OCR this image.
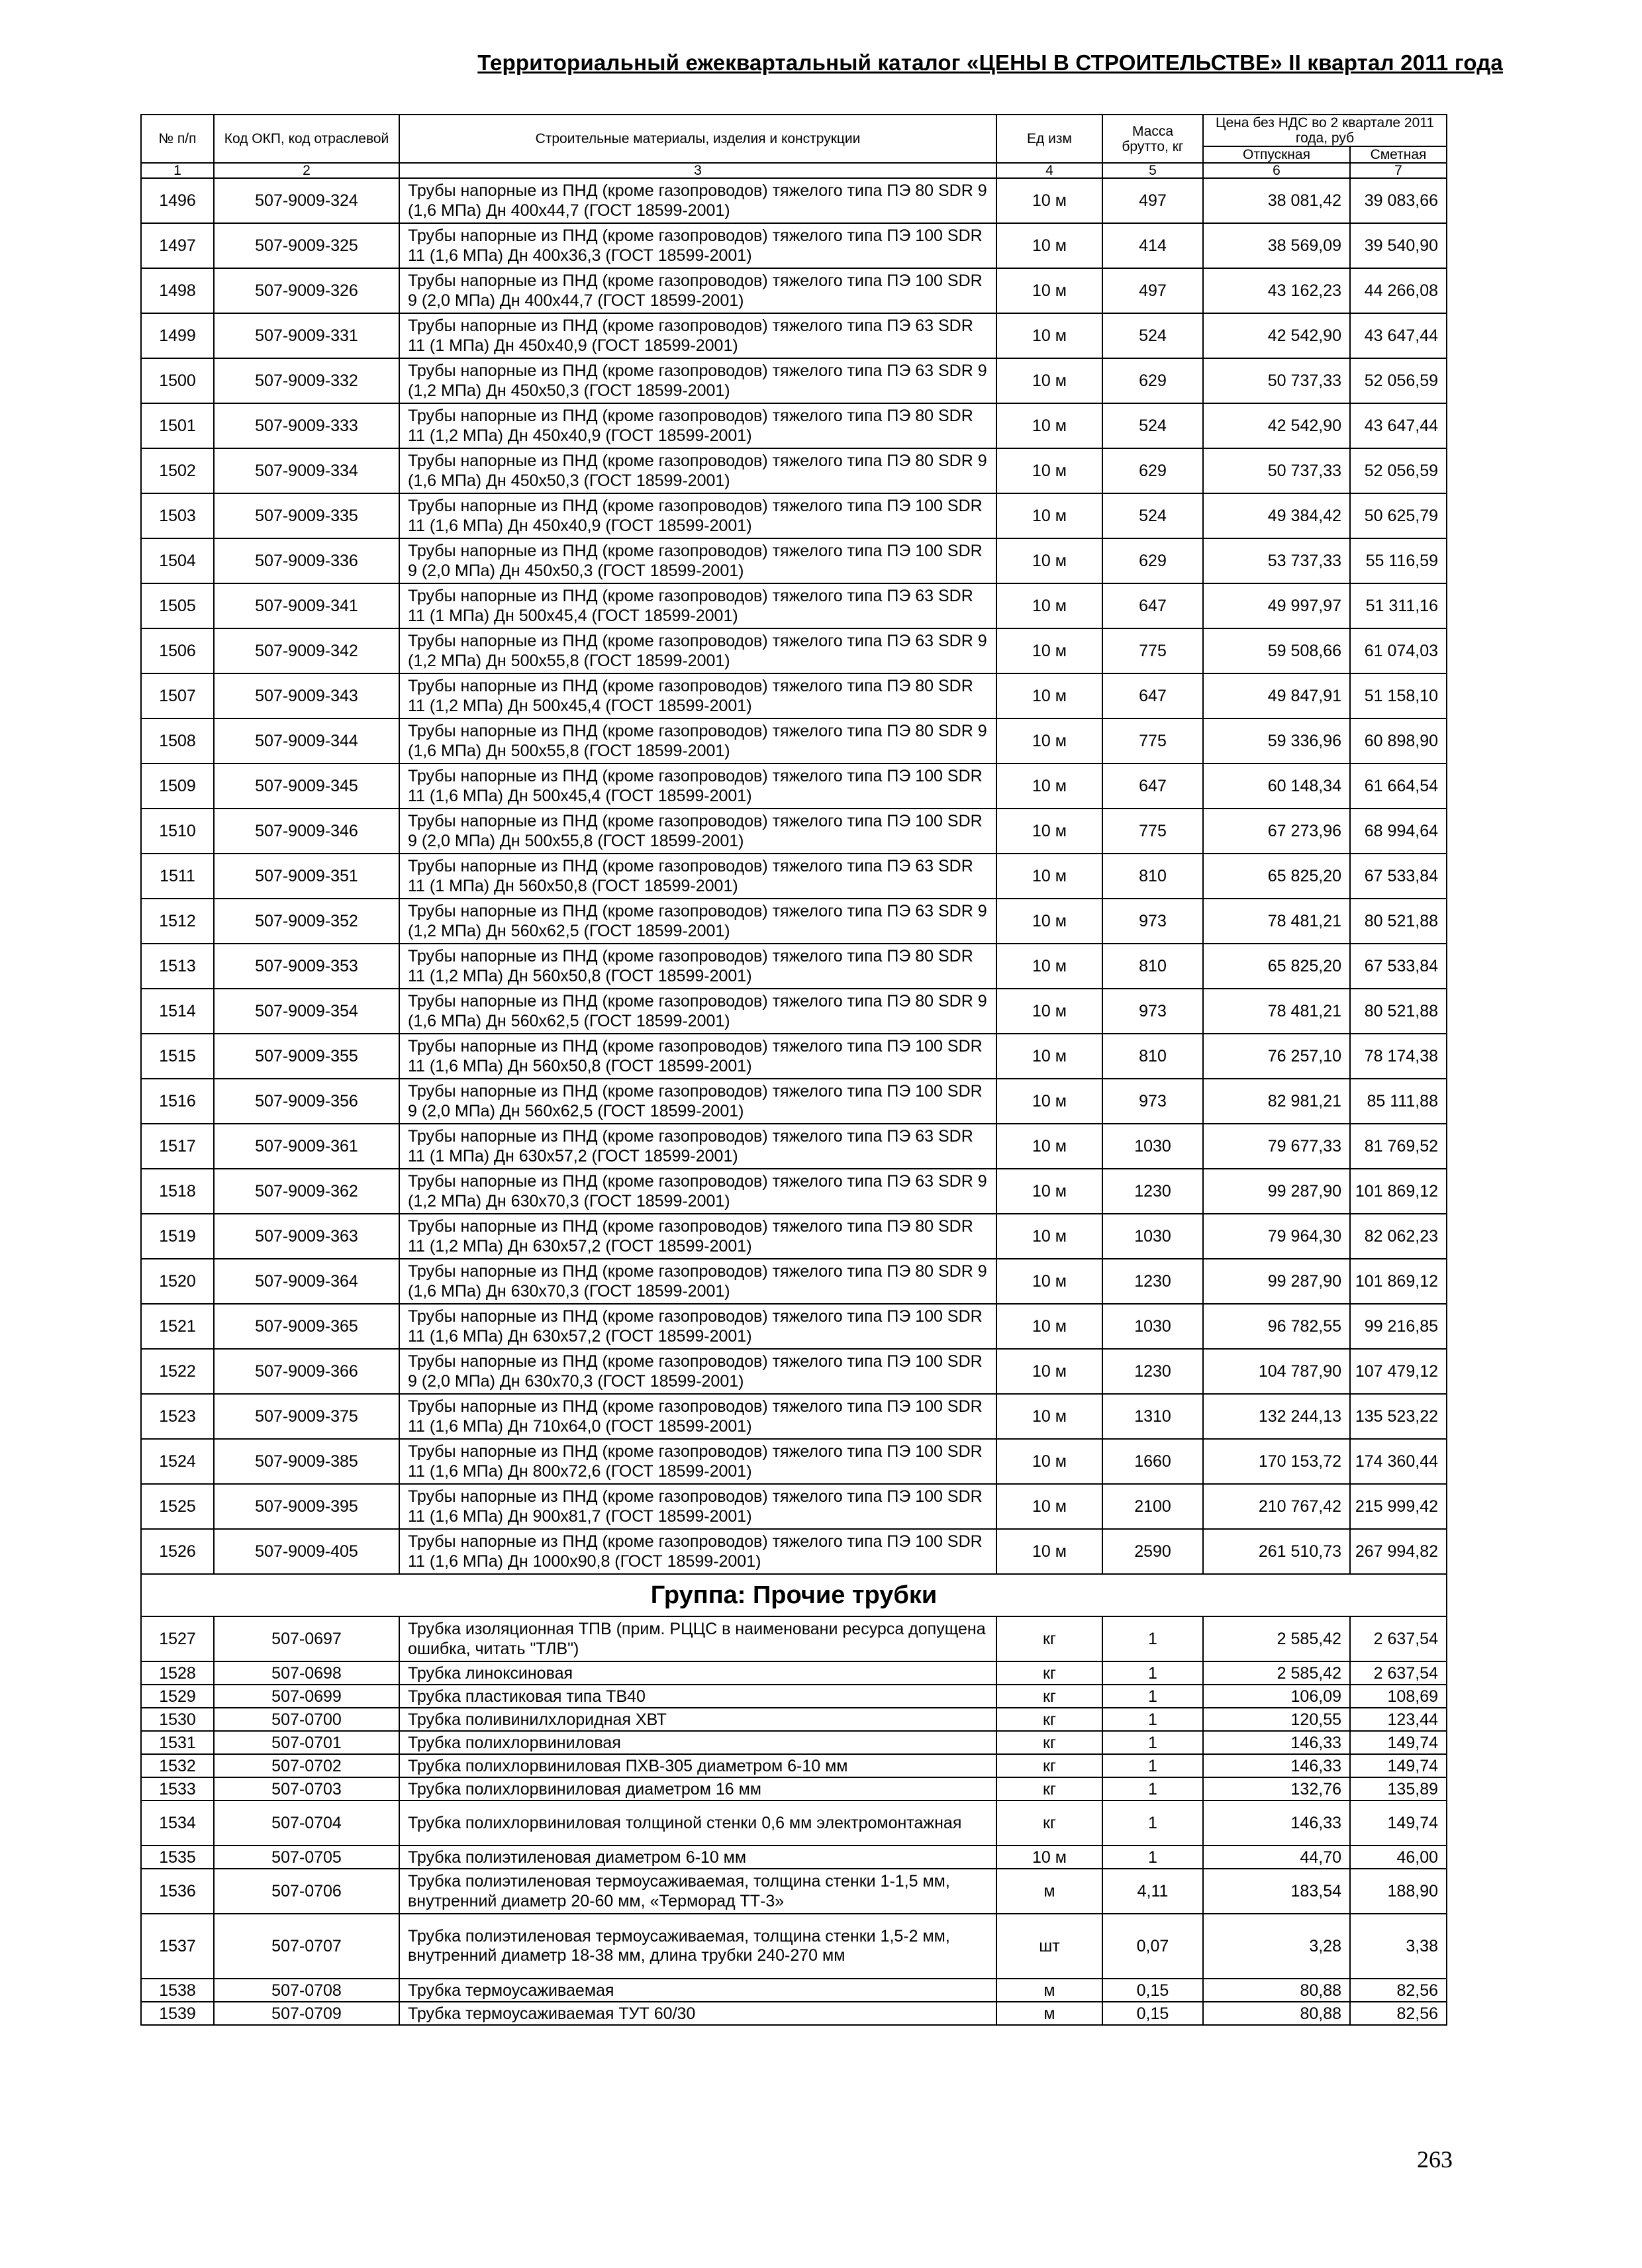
Территориальный ежеквартальный каталог «ЦЕНЫ В СТРОИТЕЛЬСТВЕ» II квартал 2011 года
№ п/п	Код ОКП, код отраслевой	Строительные материалы, изделия и конструкции	Ед изм	Масса брутто, кг	Цена без НДС во 2 квартале 2011 года, руб	
					Отпускная	Сметная
1	2	3	4	5	6	7
1496	507-9009-324	Трубы напорные из ПНД (кроме газопроводов) тяжелого типа ПЭ 80 SDR 9 (1,6 МПа) Дн 400х44,7 (ГОСТ 18599-2001)	10 м	497	38 081,42	39 083,66
1497	507-9009-325	Трубы напорные из ПНД (кроме газопроводов) тяжелого типа ПЭ 100 SDR 11 (1,6 МПа) Дн 400х36,3 (ГОСТ 18599-2001)	10 м	414	38 569,09	39 540,90
1498	507-9009-326	Трубы напорные из ПНД (кроме газопроводов) тяжелого типа ПЭ 100 SDR 9 (2,0 МПа) Дн 400х44,7 (ГОСТ 18599-2001)	10 м	497	43 162,23	44 266,08
1499	507-9009-331	Трубы напорные из ПНД (кроме газопроводов) тяжелого типа ПЭ 63 SDR 11 (1 МПа) Дн 450х40,9 (ГОСТ 18599-2001)	10 м	524	42 542,90	43 647,44
1500	507-9009-332	Трубы напорные из ПНД (кроме газопроводов) тяжелого типа ПЭ 63 SDR 9 (1,2 МПа) Дн 450х50,3 (ГОСТ 18599-2001)	10 м	629	50 737,33	52 056,59
1501	507-9009-333	Трубы напорные из ПНД (кроме газопроводов) тяжелого типа ПЭ 80 SDR 11 (1,2 МПа) Дн 450х40,9 (ГОСТ 18599-2001)	10 м	524	42 542,90	43 647,44
1502	507-9009-334	Трубы напорные из ПНД (кроме газопроводов) тяжелого типа ПЭ 80 SDR 9 (1,6 МПа) Дн 450х50,3 (ГОСТ 18599-2001)	10 м	629	50 737,33	52 056,59
1503	507-9009-335	Трубы напорные из ПНД (кроме газопроводов) тяжелого типа ПЭ 100 SDR 11 (1,6 МПа) Дн 450х40,9 (ГОСТ 18599-2001)	10 м	524	49 384,42	50 625,79
1504	507-9009-336	Трубы напорные из ПНД (кроме газопроводов) тяжелого типа ПЭ 100 SDR 9 (2,0 МПа) Дн 450х50,3 (ГОСТ 18599-2001)	10 м	629	53 737,33	55 116,59
1505	507-9009-341	Трубы напорные из ПНД (кроме газопроводов) тяжелого типа ПЭ 63 SDR 11 (1 МПа) Дн 500х45,4 (ГОСТ 18599-2001)	10 м	647	49 997,97	51 311,16
1506	507-9009-342	Трубы напорные из ПНД (кроме газопроводов) тяжелого типа ПЭ 63 SDR 9 (1,2 МПа) Дн 500х55,8 (ГОСТ 18599-2001)	10 м	775	59 508,66	61 074,03
1507	507-9009-343	Трубы напорные из ПНД (кроме газопроводов) тяжелого типа ПЭ 80 SDR 11 (1,2 МПа) Дн 500х45,4 (ГОСТ 18599-2001)	10 м	647	49 847,91	51 158,10
1508	507-9009-344	Трубы напорные из ПНД (кроме газопроводов) тяжелого типа ПЭ 80 SDR 9 (1,6 МПа) Дн 500х55,8 (ГОСТ 18599-2001)	10 м	775	59 336,96	60 898,90
1509	507-9009-345	Трубы напорные из ПНД (кроме газопроводов) тяжелого типа ПЭ 100 SDR 11 (1,6 МПа) Дн 500х45,4 (ГОСТ 18599-2001)	10 м	647	60 148,34	61 664,54
1510	507-9009-346	Трубы напорные из ПНД (кроме газопроводов) тяжелого типа ПЭ 100 SDR 9 (2,0 МПа) Дн 500х55,8 (ГОСТ 18599-2001)	10 м	775	67 273,96	68 994,64
1511	507-9009-351	Трубы напорные из ПНД (кроме газопроводов) тяжелого типа ПЭ 63 SDR 11 (1 МПа) Дн 560х50,8 (ГОСТ 18599-2001)	10 м	810	65 825,20	67 533,84
1512	507-9009-352	Трубы напорные из ПНД (кроме газопроводов) тяжелого типа ПЭ 63 SDR 9 (1,2 МПа) Дн 560х62,5 (ГОСТ 18599-2001)	10 м	973	78 481,21	80 521,88
1513	507-9009-353	Трубы напорные из ПНД (кроме газопроводов) тяжелого типа ПЭ 80 SDR 11 (1,2 МПа) Дн 560х50,8 (ГОСТ 18599-2001)	10 м	810	65 825,20	67 533,84
1514	507-9009-354	Трубы напорные из ПНД (кроме газопроводов) тяжелого типа ПЭ 80 SDR 9 (1,6 МПа) Дн 560х62,5 (ГОСТ 18599-2001)	10 м	973	78 481,21	80 521,88
1515	507-9009-355	Трубы напорные из ПНД (кроме газопроводов) тяжелого типа ПЭ 100 SDR 11 (1,6 МПа) Дн 560х50,8 (ГОСТ 18599-2001)	10 м	810	76 257,10	78 174,38
1516	507-9009-356	Трубы напорные из ПНД (кроме газопроводов) тяжелого типа ПЭ 100 SDR 9 (2,0 МПа) Дн 560х62,5 (ГОСТ 18599-2001)	10 м	973	82 981,21	85 111,88
1517	507-9009-361	Трубы напорные из ПНД (кроме газопроводов) тяжелого типа ПЭ 63 SDR 11 (1 МПа) Дн 630х57,2 (ГОСТ 18599-2001)	10 м	1030	79 677,33	81 769,52
1518	507-9009-362	Трубы напорные из ПНД (кроме газопроводов) тяжелого типа ПЭ 63 SDR 9 (1,2 МПа) Дн 630х70,3 (ГОСТ 18599-2001)	10 м	1230	99 287,90	101 869,12
1519	507-9009-363	Трубы напорные из ПНД (кроме газопроводов) тяжелого типа ПЭ 80 SDR 11 (1,2 МПа) Дн 630х57,2 (ГОСТ 18599-2001)	10 м	1030	79 964,30	82 062,23
1520	507-9009-364	Трубы напорные из ПНД (кроме газопроводов) тяжелого типа ПЭ 80 SDR 9 (1,6 МПа) Дн 630х70,3 (ГОСТ 18599-2001)	10 м	1230	99 287,90	101 869,12
1521	507-9009-365	Трубы напорные из ПНД (кроме газопроводов) тяжелого типа ПЭ 100 SDR 11 (1,6 МПа) Дн 630х57,2 (ГОСТ 18599-2001)	10 м	1030	96 782,55	99 216,85
1522	507-9009-366	Трубы напорные из ПНД (кроме газопроводов) тяжелого типа ПЭ 100 SDR 9 (2,0 МПа) Дн 630х70,3 (ГОСТ 18599-2001)	10 м	1230	104 787,90	107 479,12
1523	507-9009-375	Трубы напорные из ПНД (кроме газопроводов) тяжелого типа ПЭ 100 SDR 11 (1,6 МПа) Дн 710х64,0 (ГОСТ 18599-2001)	10 м	1310	132 244,13	135 523,22
1524	507-9009-385	Трубы напорные из ПНД (кроме газопроводов) тяжелого типа ПЭ 100 SDR 11 (1,6 МПа) Дн 800х72,6 (ГОСТ 18599-2001)	10 м	1660	170 153,72	174 360,44
1525	507-9009-395	Трубы напорные из ПНД (кроме газопроводов) тяжелого типа ПЭ 100 SDR 11 (1,6 МПа) Дн 900х81,7 (ГОСТ 18599-2001)	10 м	2100	210 767,42	215 999,42
1526	507-9009-405	Трубы напорные из ПНД (кроме газопроводов) тяжелого типа ПЭ 100 SDR 11 (1,6 МПа) Дн 1000х90,8 (ГОСТ 18599-2001)	10 м	2590	261 510,73	267 994,82
Группа: Прочие трубки						
1527	507-0697	Трубка изоляционная ТПВ (прим. РЦЦС в наименовани ресурса допущена ошибка, читать "ТЛВ")	кг	1	2 585,42	2 637,54
1528	507-0698	Трубка линоксиновая	кг	1	2 585,42	2 637,54
1529	507-0699	Трубка пластиковая типа ТВ40	кг	1	106,09	108,69
1530	507-0700	Трубка поливинилхлоридная ХВТ	кг	1	120,55	123,44
1531	507-0701	Трубка полихлорвиниловая	кг	1	146,33	149,74
1532	507-0702	Трубка полихлорвиниловая ПХВ-305 диаметром 6-10 мм	кг	1	146,33	149,74
1533	507-0703	Трубка полихлорвиниловая диаметром 16 мм	кг	1	132,76	135,89
1534	507-0704	Трубка полихлорвиниловая толщиной стенки 0,6 мм электромонтажная	кг	1	146,33	149,74
1535	507-0705	Трубка полиэтиленовая диаметром 6-10 мм	10 м	1	44,70	46,00
1536	507-0706	Трубка полиэтиленовая термоусаживаемая, толщина стенки 1-1,5 мм, внутренний диаметр 20-60 мм, «Терморад ТТ-3»	м	4,11	183,54	188,90
1537	507-0707	Трубка полиэтиленовая термоусаживаемая, толщина стенки 1,5-2 мм, внутренний диаметр 18-38 мм, длина трубки 240-270 мм	шт	0,07	3,28	3,38
1538	507-0708	Трубка термоусаживаемая	м	0,15	80,88	82,56
1539	507-0709	Трубка термоусаживаемая ТУТ 60/30	м	0,15	80,88	82,56
263
